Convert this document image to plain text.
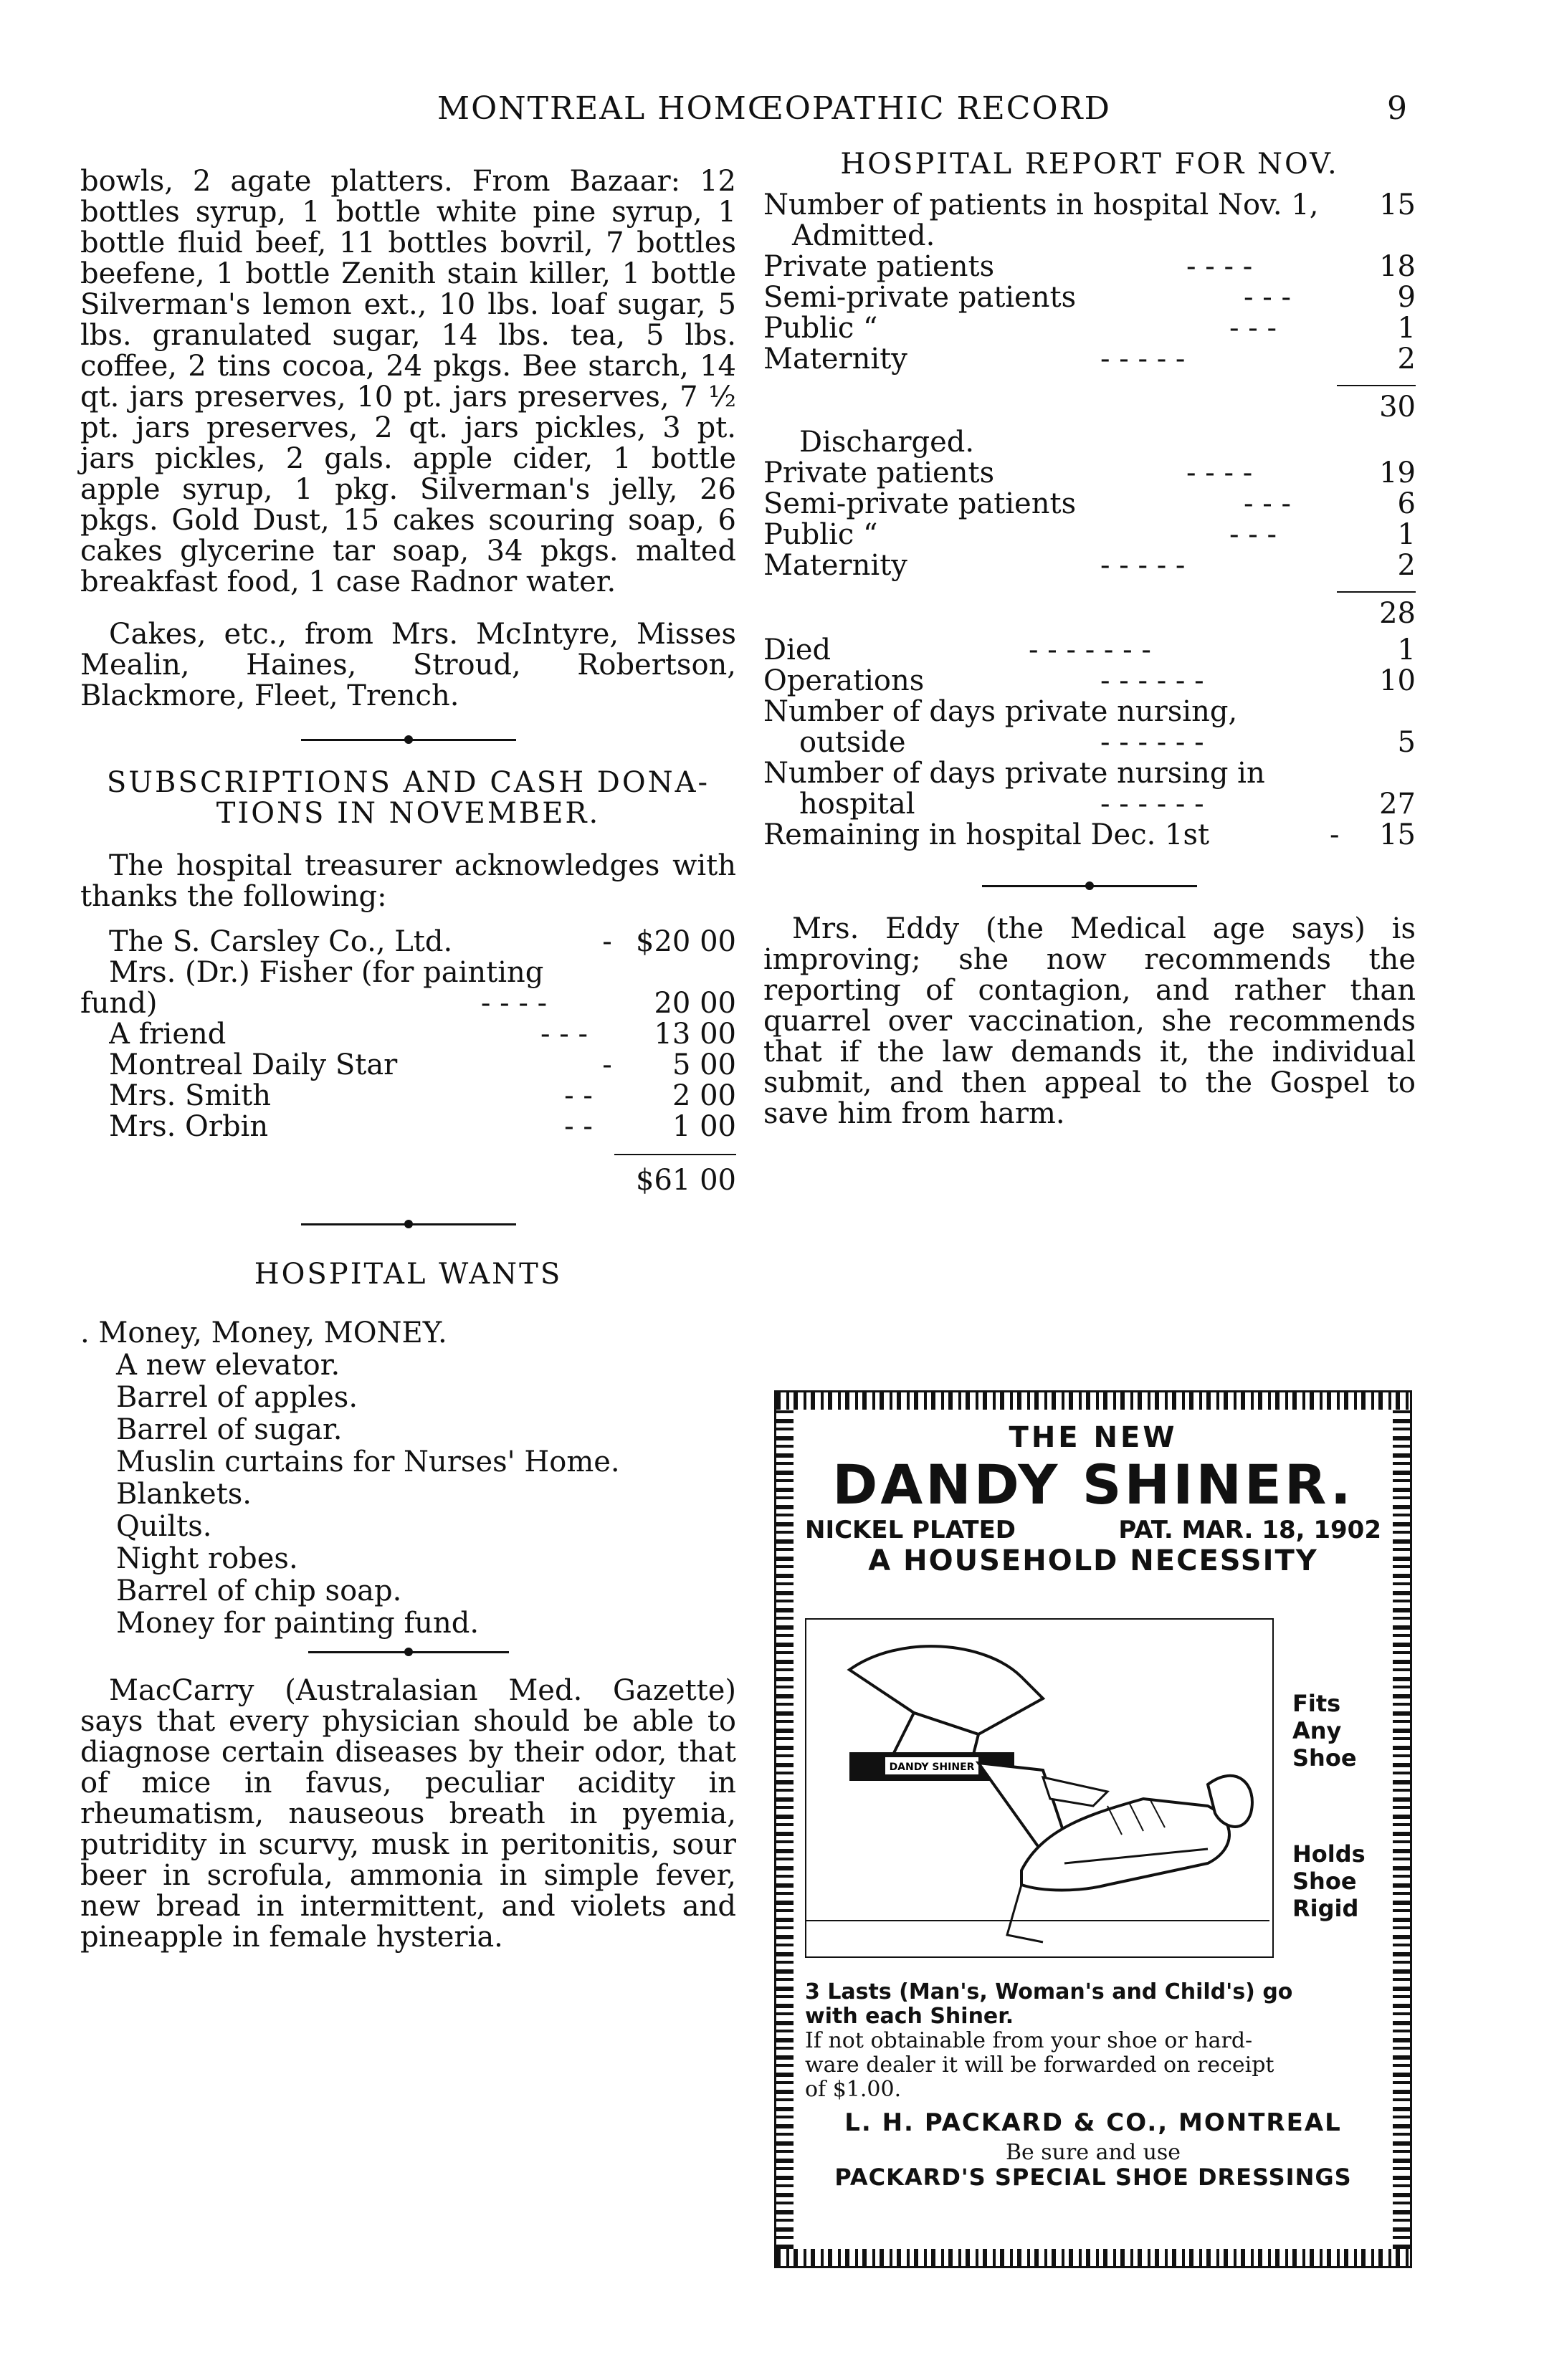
MONTREAL HOMŒOPATHIC RECORD	9

bowls, 2 agate platters. From Bazaar: 12 bottles syrup, 1 bottle white pine syrup, 1 bottle fluid beef, 11 bottles bovril, 7 bottles beefene, 1 bottle Zenith stain killer, 1 bottle Silverman's lemon ext., 10 lbs. loaf sugar, 5 lbs. granulated sugar, 14 lbs. tea, 5 lbs. coffee, 2 tins cocoa, 24 pkgs. Bee starch, 14 qt. jars preserves, 10 pt. jars preserves, 7 ½ pt. jars preserves, 2 qt. jars pickles, 3 pt. jars pickles, 2 gals. apple cider, 1 bottle apple syrup, 1 pkg. Silverman's jelly, 26 pkgs. Gold Dust, 15 cakes scouring soap, 6 cakes glycerine tar soap, 34 pkgs. malted breakfast food, 1 case Radnor water.

Cakes, etc., from Mrs. McIntyre, Misses Mealin, Haines, Stroud, Robertson, Blackmore, Fleet, Trench.

SUBSCRIPTIONS AND CASH DONA-
TIONS IN NOVEMBER.

The hospital treasurer acknowledges with thanks the following:

The S. Carsley Co., Ltd.	- $20 00
Mrs. (Dr.) Fisher (for painting
fund)	- - - -	20 00
A friend	- - -	13 00
Montreal Daily Star	-	5 00
Mrs. Smith	- -	2 00
Mrs. Orbin	- -	1 00
$61 00

HOSPITAL WANTS

. Money, Money, MONEY.
A new elevator.
Barrel of apples.
Barrel of sugar.
Muslin curtains for Nurses' Home.
Blankets.
Quilts.
Night robes.
Barrel of chip soap.
Money for painting fund.

MacCarry (Australasian Med. Gazette) says that every physician should be able to diagnose certain diseases by their odor, that of mice in favus, peculiar acidity in rheumatism, nauseous breath in pyemia, putridity in scurvy, musk in peritonitis, sour beer in scrofula, ammonia in simple fever, new bread in intermittent, and violets and pineapple in female hysteria.

HOSPITAL REPORT FOR NOV.

Number of patients in hospital Nov. 1,	15
Admitted.
Private patients	- - - -	18
Semi-private patients	- - -	9
Public “	- - -	1
Maternity	- - - - -	2
30
Discharged.
Private patients	- - - -	19
Semi-private patients	- - -	6
Public “	- - -	1
Maternity	- - - - -	2
28
Died	- - - - - - -	1
Operations	- - - - - -	10
Number of days private nursing,
outside	- - - - - -	5
Number of days private nursing in
hospital	- - - - - -	27
Remaining in hospital Dec. 1st	-	15

Mrs. Eddy (the Medical age says) is improving; she now recommends the reporting of contagion, and rather than quarrel over vaccination, she recommends that if the law demands it, the individual submit, and then appeal to the Gospel to save him from harm.

THE NEW
DANDY SHINER.
NICKEL PLATED	PAT. MAR. 18, 1902
A HOUSEHOLD NECESSITY
DANDY SHINER
Fits
Any
Shoe
Holds
Shoe
Rigid
3 Lasts (Man's, Woman's and Child's) go
with each Shiner.
If not obtainable from your shoe or hard-
ware dealer it will be forwarded on receipt
of $1.00.
L. H. PACKARD & CO., MONTREAL
Be sure and use
PACKARD'S SPECIAL SHOE DRESSINGS
